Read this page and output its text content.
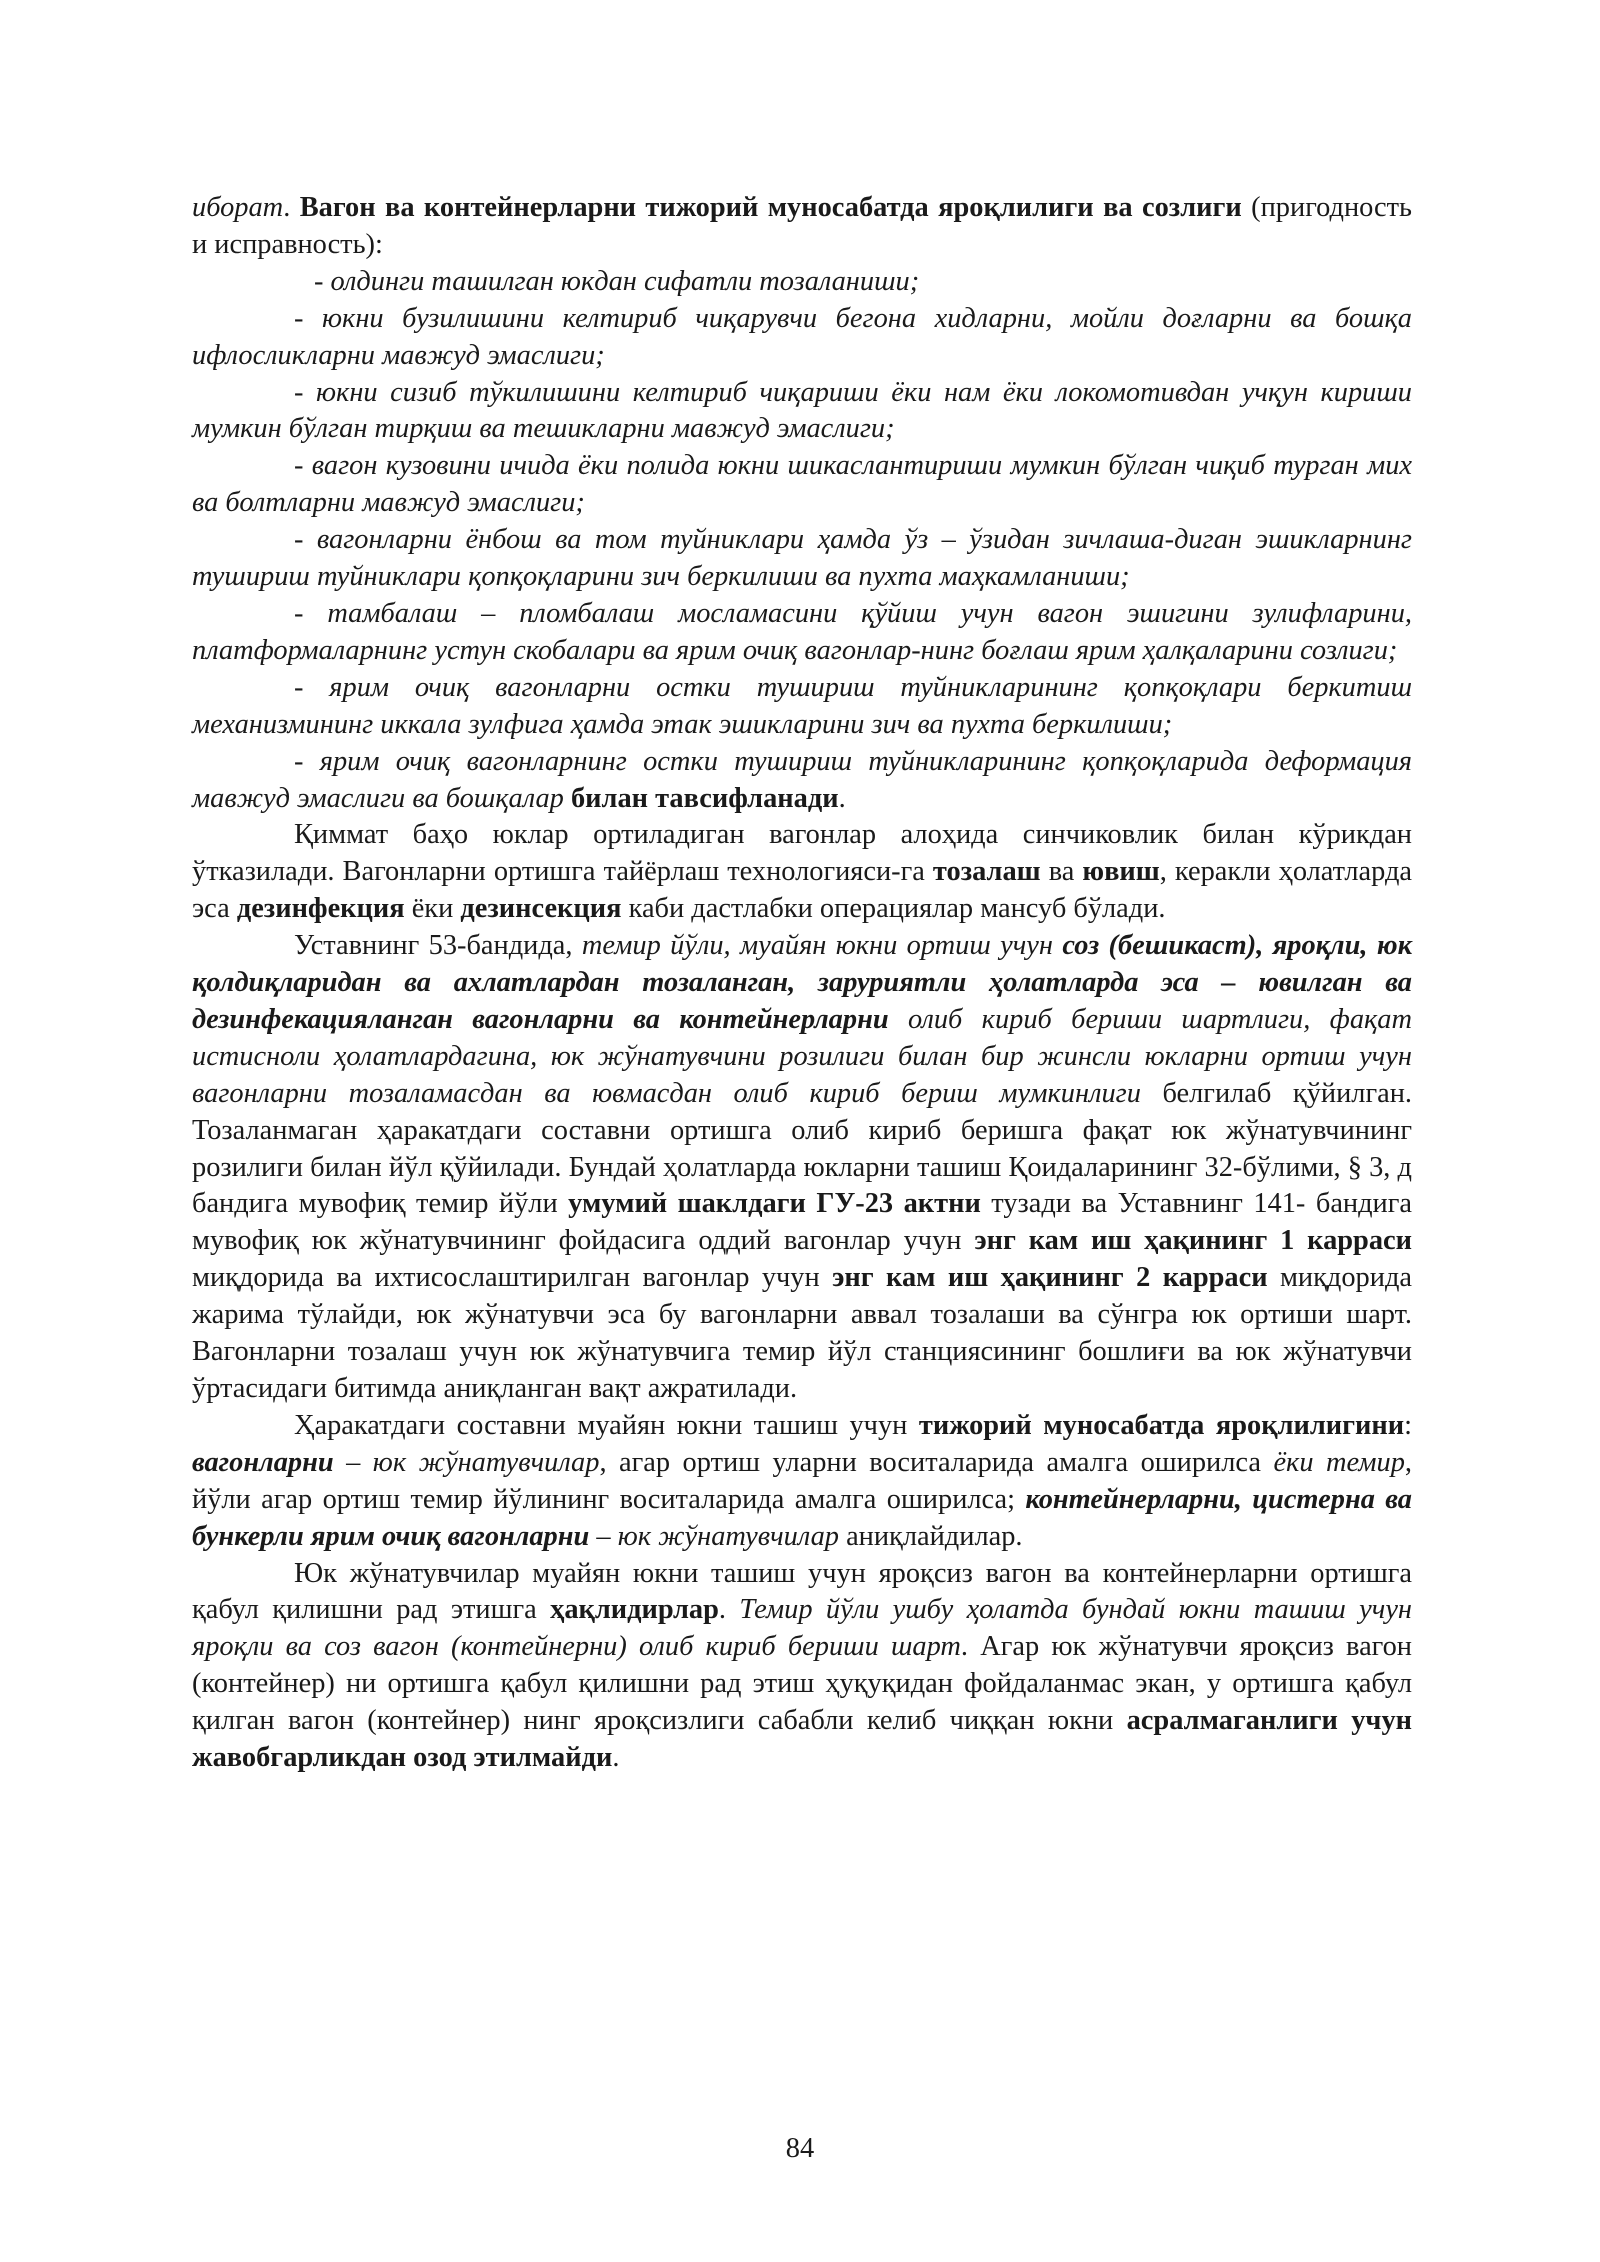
иборат. Вагон ва контейнерларни тижорий муносабатда яроқлилиги ва созлиги (пригодность и исправность):

- олдинги ташилган юкдан сифатли тозаланиши;

- юкни бузилишини келтириб чиқарувчи бегона хидларни, мойли доғларни ва бошқа ифлосликларни мавжуд эмаслиги;

- юкни сизиб тўкилишини келтириб чиқариши ёки нам ёки локомотивдан учқун кириши мумкин бўлган тирқиш ва тешикларни мавжуд эмаслиги;

- вагон кузовини ичида ёки полида юкни шикаслантириши мумкин бўлган чиқиб турган мих ва болтларни мавжуд эмаслиги;

- вагонларни ёнбош ва том туйниклари ҳамда ўз – ўзидан зичлаша-диган эшикларнинг тушириш туйниклари қопқоқларини зич беркилиши ва пухта маҳкамланиши;

- тамбалаш – пломбалаш мосламасини қўйиш учун вагон эшигини зулифларини, платформаларнинг устун скобалари ва ярим очиқ вагонлар-нинг боғлаш ярим ҳалқаларини созлиги;

- ярим очиқ вагонларни остки тушириш туйникларининг қопқоқлари беркитиш механизмининг иккала зулфига ҳамда этак эшикларини зич ва пухта беркилиши;

- ярим очиқ вагонларнинг остки тушириш туйникларининг қопқоқларида деформация мавжуд эмаслиги ва бошқалар билан тавсифланади.

Қиммат баҳо юклар ортиладиган вагонлар алоҳида синчиковлик билан кўрикдан ўтказилади. Вагонларни ортишга тайёрлаш технологияси-га тозалаш ва ювиш, керакли ҳолатларда эса дезинфекция ёки дезинсекция каби дастлабки операциялар мансуб бўлади.

Уставнинг 53-бандида, темир йўли, муайян юкни ортиш учун соз (бешикаст), яроқли, юк қолдиқларидан ва ахлатлардан тозаланган, заруриятли ҳолатларда эса – ювилган ва дезинфекацияланган вагонларни ва контейнерларни олиб кириб бериши шартлиги, фақат истисноли ҳолатлардагина, юк жўнатувчини розилиги билан бир жинсли юкларни ортиш учун вагонларни тозаламасдан ва ювмасдан олиб кириб бериш мумкинлиги белгилаб қўйилган. Тозаланмаган ҳаракатдаги составни ортишга олиб кириб беришга фақат юк жўнатувчининг розилиги билан йўл қўйилади. Бундай ҳолатларда юкларни ташиш Қоидаларининг 32-бўлими, § 3, д бандига мувофиқ темир йўли умумий шаклдаги ГУ-23 актни тузади ва Уставнинг 141- бандига мувофиқ юк жўнатувчининг фойдасига оддий вагонлар учун энг кам иш ҳақининг 1 карраси миқдорида ва ихтисослаштирилган вагонлар учун энг кам иш ҳақининг 2 карраси миқдорида жарима тўлайди, юк жўнатувчи эса бу вагонларни аввал тозалаши ва сўнгра юк ортиши шарт. Вагонларни тозалаш учун юк жўнатувчига темир йўл станциясининг бошлиғи ва юк жўнатувчи ўртасидаги битимда аниқланган вақт ажратилади.

Ҳаракатдаги составни муайян юкни ташиш учун тижорий муносабатда яроқлилигини: вагонларни – юк жўнатувчилар, агар ортиш уларни воситаларида амалга оширилса ёки темир, йўли агар ортиш темир йўлининг воситаларида амалга оширилса; контейнерларни, цистерна ва бункерли ярим очиқ вагонларни – юк жўнатувчилар аниқлайдилар.

Юк жўнатувчилар муайян юкни ташиш учун яроқсиз вагон ва контейнерларни ортишга қабул қилишни рад этишга ҳақлидирлар. Темир йўли ушбу ҳолатда бундай юкни ташиш учун яроқли ва соз вагон (контейнерни) олиб кириб бериши шарт. Агар юк жўнатувчи яроқсиз вагон (контейнер) ни ортишга қабул қилишни рад этиш ҳуқуқидан фойдаланмас экан, у ортишга қабул қилган вагон (контейнер) нинг яроқсизлиги сабабли келиб чиққан юкни асралмаганлиги учун жавобгарликдан озод этилмайди.

84
